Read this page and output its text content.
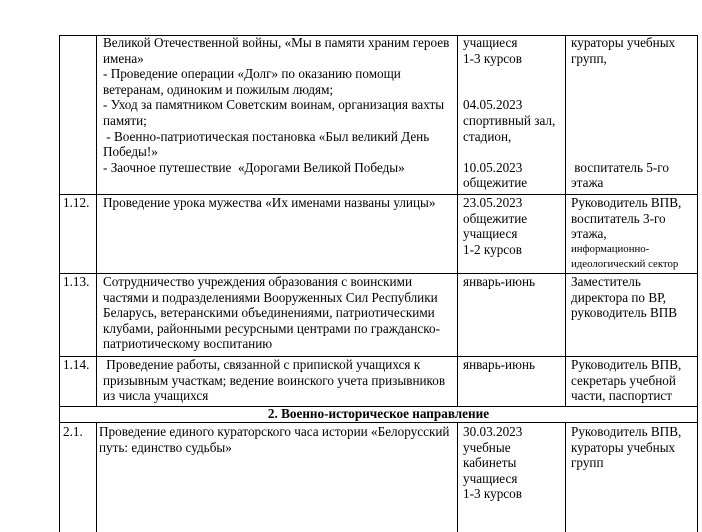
Великой Отечественной войны, «Мы в памяти храним героев
имена»
- Проведение операции «Долг» по оказанию помощи
ветеранам, одиноким и пожилым людям;
- Уход за памятником Советским воинам, организация вахты
памяти;
- Военно-патриотическая постановка «Был великий День
Победы!»
- Заочное путешествие  «Дорогами Великой Победы»
учащиеся
1-3 курсов
04.05.2023
спортивный зал,
стадион,
10.05.2023
общежитие
кураторы учебных
групп,
воспитатель 5-го
этажа
1.12. Проведение урока мужества «Их именами названы улицы» 23.05.2023
общежитие
учащиеся
1-2 курсов
Руководитель ВПВ,
воспитатель 3-го
этажа,
информационно-
идеологический сектор
1.13. Сотрудничество учреждения образования с воинскими
частями и подразделениями Вооруженных Сил Республики
Беларусь, ветеранскими объединениями, патриотическими
клубами, районными ресурсными центрами по гражданско-
патриотическому воспитанию
январь-июнь	Заместитель
директора по ВР,
руководитель ВПВ
1.14. Проведение работы, связанной с припиской учащихся к
призывным участкам; ведение воинского учета призывников
из числа учащихся
январь-июнь	Руководитель ВПВ,
секретарь учебной
части, паспортист
2. Военно-историческое направление
2.1. Проведение единого кураторского часа истории «Белорусский
путь: единство судьбы»
30.03.2023
учебные
кабинеты
учащиеся
1-3 курсов
Руководитель ВПВ,
кураторы учебных
групп
